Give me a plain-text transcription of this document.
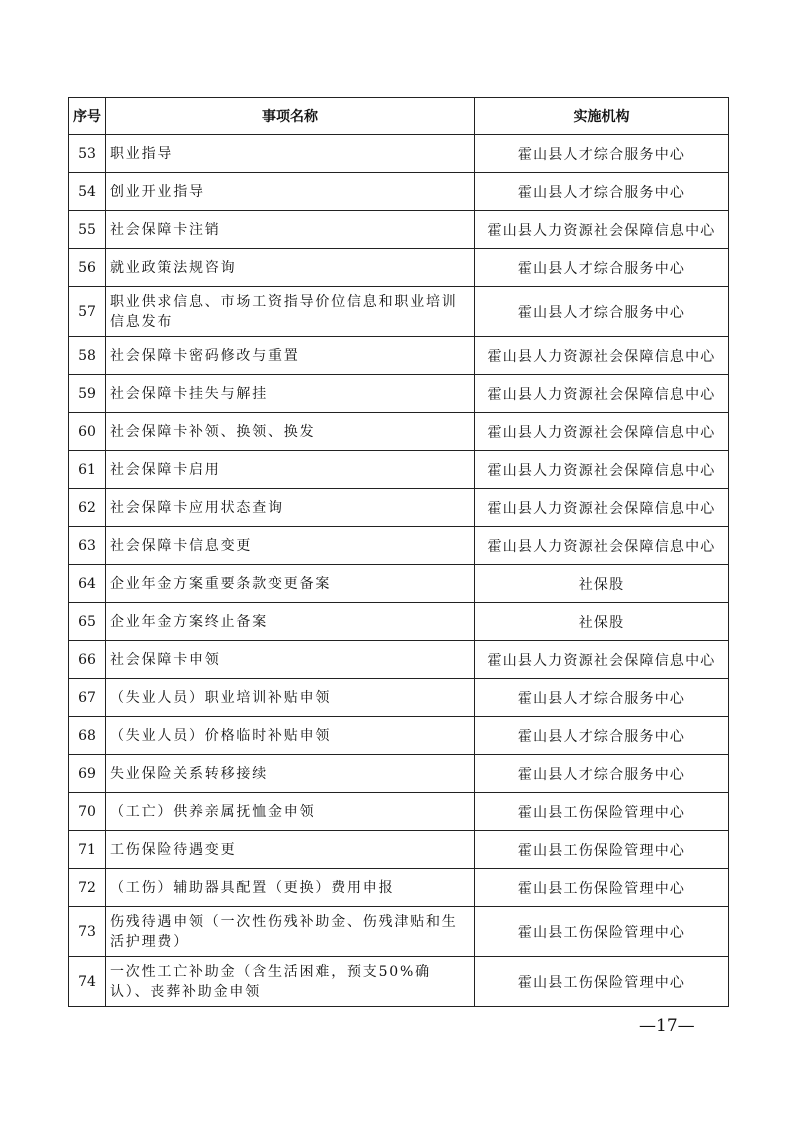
序号	事项名称	实施机构
53	职业指导	霍山县人才综合服务中心
54	创业开业指导	霍山县人才综合服务中心
55	社会保障卡注销	霍山县人力资源社会保障信息中心
56	就业政策法规咨询	霍山县人才综合服务中心
57	职业供求信息、市场工资指导价位信息和职业培训信息发布	霍山县人才综合服务中心
58	社会保障卡密码修改与重置	霍山县人力资源社会保障信息中心
59	社会保障卡挂失与解挂	霍山县人力资源社会保障信息中心
60	社会保障卡补领、换领、换发	霍山县人力资源社会保障信息中心
61	社会保障卡启用	霍山县人力资源社会保障信息中心
62	社会保障卡应用状态查询	霍山县人力资源社会保障信息中心
63	社会保障卡信息变更	霍山县人力资源社会保障信息中心
64	企业年金方案重要条款变更备案	社保股
65	企业年金方案终止备案	社保股
66	社会保障卡申领	霍山县人力资源社会保障信息中心
67	（失业人员）职业培训补贴申领	霍山县人才综合服务中心
68	（失业人员）价格临时补贴申领	霍山县人才综合服务中心
69	失业保险关系转移接续	霍山县人才综合服务中心
70	（工亡）供养亲属抚恤金申领	霍山县工伤保险管理中心
71	工伤保险待遇变更	霍山县工伤保险管理中心
72	（工伤）辅助器具配置（更换）费用申报	霍山县工伤保险管理中心
73	伤残待遇申领（一次性伤残补助金、伤残津贴和生活护理费）	霍山县工伤保险管理中心
74	一次性工亡补助金（含生活困难，预支50%确认）、丧葬补助金申领	霍山县工伤保险管理中心
—17—
